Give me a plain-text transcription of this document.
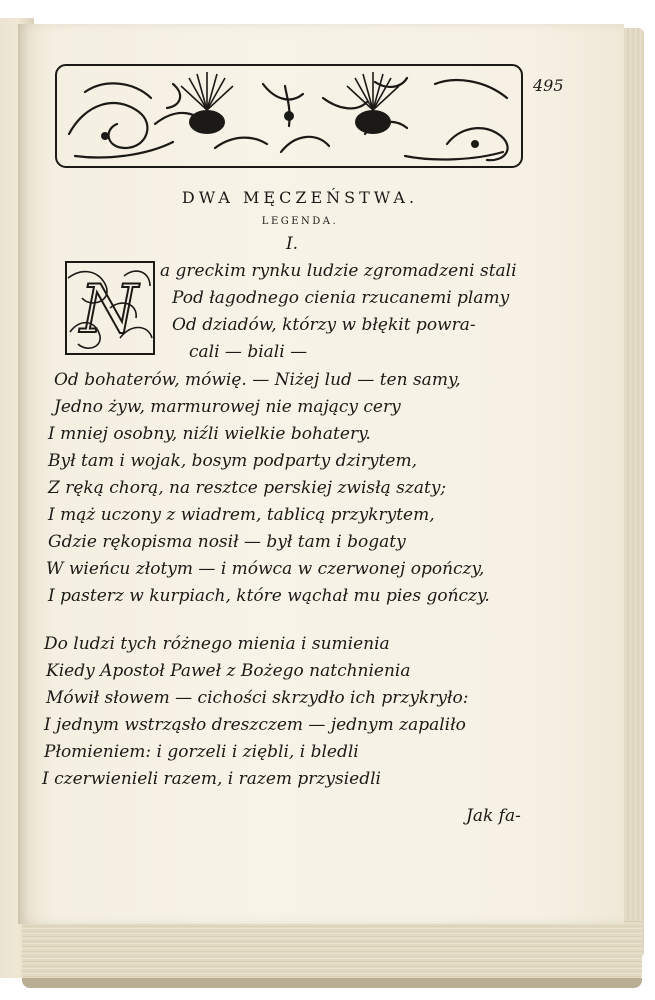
495
DWA MĘCZEŃSTWA.
LEGENDA.
I.
N a greckim rynku ludzie zgromadzeni stali
Pod łagodnego cienia rzucanemi plamy
Od dziadów, którzy w błękit powra-
cali — biali —
Od bohaterów, mówię. — Niżej lud — ten samy,
Jedno żyw, marmurowej nie mający cery
I mniej osobny, niźli wielkie bohatery.
Był tam i wojak, bosym podparty dzirytem,
Z ręką chorą, na resztce perskiej zwisłą szaty;
I mąż uczony z wiadrem, tablicą przykrytem,
Gdzie rękopisma nosił — był tam i bogaty
W wieńcu złotym — i mówca w czerwonej opończy,
I pasterz w kurpiach, które wąchał mu pies gończy.
Do ludzi tych różnego mienia i sumienia
Kiedy Apostoł Paweł z Bożego natchnienia
Mówił słowem — cichości skrzydło ich przykryło:
I jednym wstrząsło dreszczem — jednym zapaliło
Płomieniem: i gorzeli i ziębli, i bledli
I czerwienieli razem, i razem przysiedli
Jak fa-
